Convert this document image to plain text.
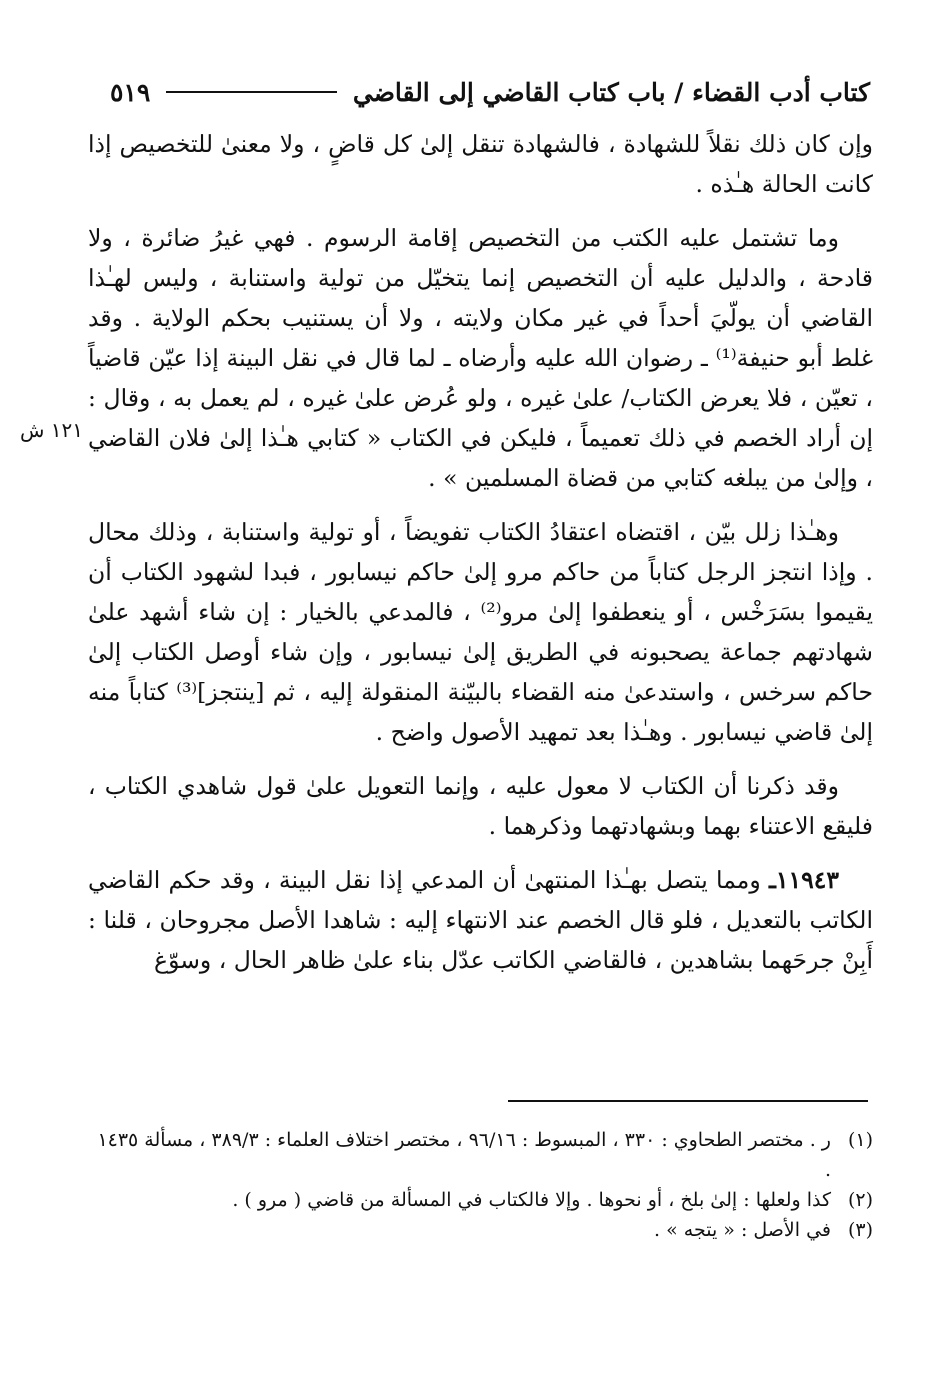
كتاب أدب القضاء / باب كتاب القاضي إلى القاضي
٥١٩
١٢١ ش

وإن كان ذلك نقلاً للشهادة ، فالشهادة تنقل إلىٰ كل قاضٍ ، ولا معنىٰ للتخصيص إذا كانت الحالة هـٰذه .

وما تشتمل عليه الكتب من التخصيص إقامة الرسوم . فهي غيرُ ضائرة ، ولا قادحة ، والدليل عليه أن التخصيص إنما يتخيّل من تولية واستنابة ، وليس لهـٰذا القاضي أن يولّيَ أحداً في غير مكان ولايته ، ولا أن يستنيب بحكم الولاية . وقد غلط أبو حنيفة⁽¹⁾ ـ رضوان الله عليه وأرضاه ـ لما قال في نقل البينة إذا عيّن قاضياً ، تعيّن ، فلا يعرض الكتاب/ علىٰ غيره ، ولو عُرض علىٰ غيره ، لم يعمل به ، وقال : إن أراد الخصم في ذلك تعميماً ، فليكن في الكتاب « كتابي هـٰذا إلىٰ فلان القاضي ، وإلىٰ من يبلغه كتابي من قضاة المسلمين » .

وهـٰذا زلل بيّن ، اقتضاه اعتقادُ الكتاب تفويضاً ، أو تولية واستنابة ، وذلك محال . وإذا انتجز الرجل كتاباً من حاكم مرو إلىٰ حاكم نيسابور ، فبدا لشهود الكتاب أن يقيموا بسَرَخْس ، أو ينعطفوا إلىٰ مرو⁽²⁾ ، فالمدعي بالخيار : إن شاء أشهد علىٰ شهادتهم جماعة يصحبونه في الطريق إلىٰ نيسابور ، وإن شاء أوصل الكتاب إلىٰ حاكم سرخس ، واستدعىٰ منه القضاء بالبيّنة المنقولة إليه ، ثم [ينتجز]⁽³⁾ كتاباً منه إلىٰ قاضي نيسابور . وهـٰذا بعد تمهيد الأصول واضح .

وقد ذكرنا أن الكتاب لا معول عليه ، وإنما التعويل علىٰ قول شاهدي الكتاب ، فليقع الاعتناء بهما وبشهادتهما وذكرهما .

١١٩٤٣ـ ومما يتصل بهـٰذا المنتهىٰ أن المدعي إذا نقل البينة ، وقد حكم القاضي الكاتب بالتعديل ، فلو قال الخصم عند الانتهاء إليه : شاهدا الأصل مجروحان ، قلنا : أَبِنْ جرحَهما بشاهدين ، فالقاضي الكاتب عدّل بناء علىٰ ظاهر الحال ، وسوّغ

(١)
ر . مختصر الطحاوي : ٣٣٠ ، المبسوط : ٩٦/١٦ ، مختصر اختلاف العلماء : ٣٨٩/٣ ، مسألة ١٤٣٥ .
(٢)
كذا ولعلها : إلىٰ بلخ ، أو نحوها . وإلا فالكتاب في المسألة من قاضي ( مرو ) .
(٣)
في الأصل : « يتجه » .
